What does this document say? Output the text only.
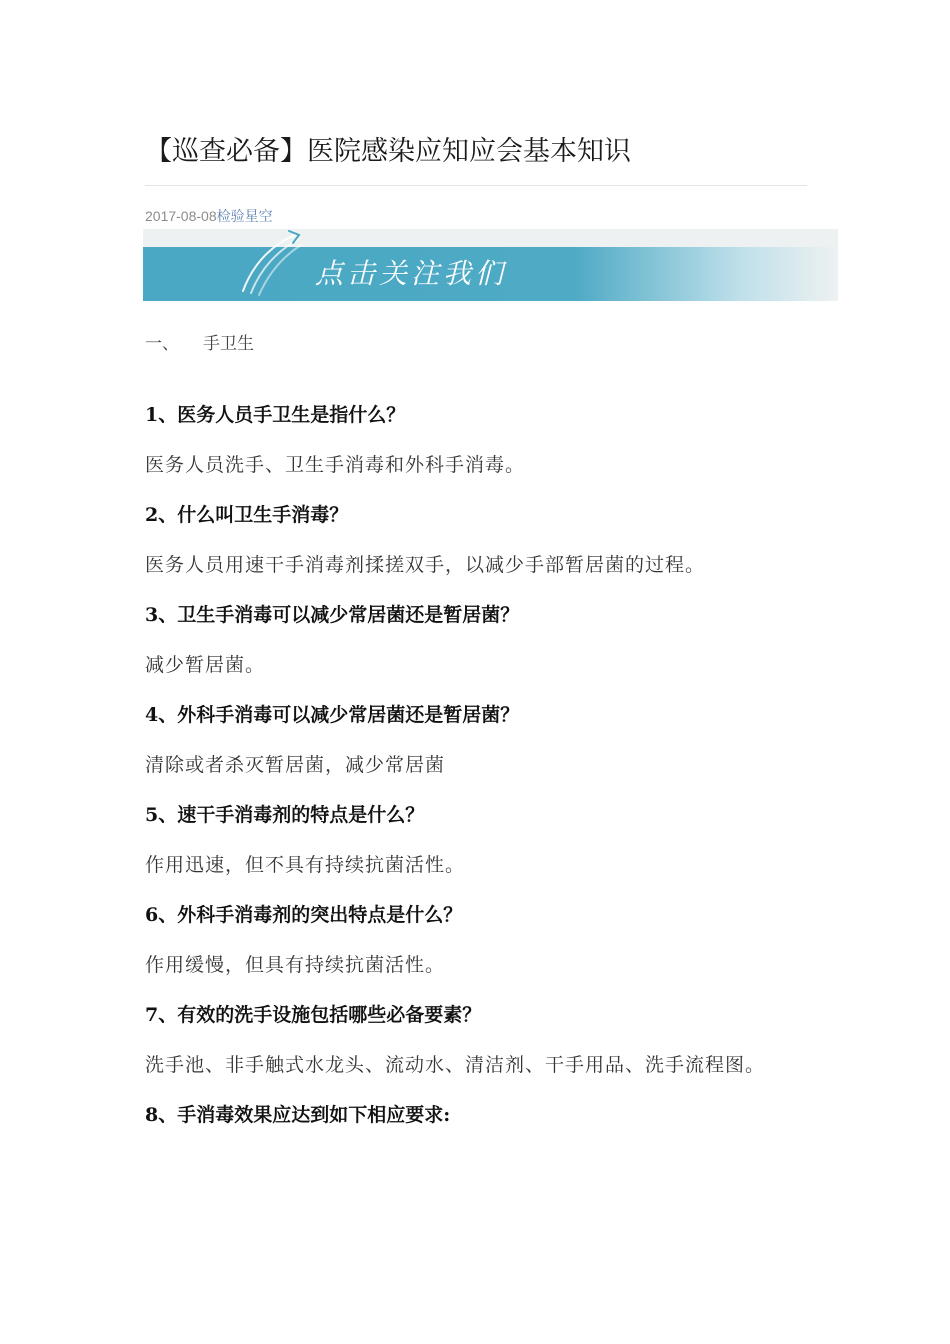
【巡查必备】医院感染应知应会基本知识
2017-08-08检验星空
点击关注我们
一、 手卫生

1、医务人员手卫生是指什么？

医务人员洗手、卫生手消毒和外科手消毒。

2、什么叫卫生手消毒？

医务人员用速干手消毒剂揉搓双手，以减少手部暂居菌的过程。

3、卫生手消毒可以减少常居菌还是暂居菌？

减少暂居菌。

4、外科手消毒可以减少常居菌还是暂居菌？

清除或者杀灭暂居菌，减少常居菌

5、速干手消毒剂的特点是什么？

作用迅速，但不具有持续抗菌活性。

6、外科手消毒剂的突出特点是什么？

作用缓慢，但具有持续抗菌活性。

7、有效的洗手设施包括哪些必备要素？

洗手池、非手触式水龙头、流动水、清洁剂、干手用品、洗手流程图。

8、手消毒效果应达到如下相应要求:
